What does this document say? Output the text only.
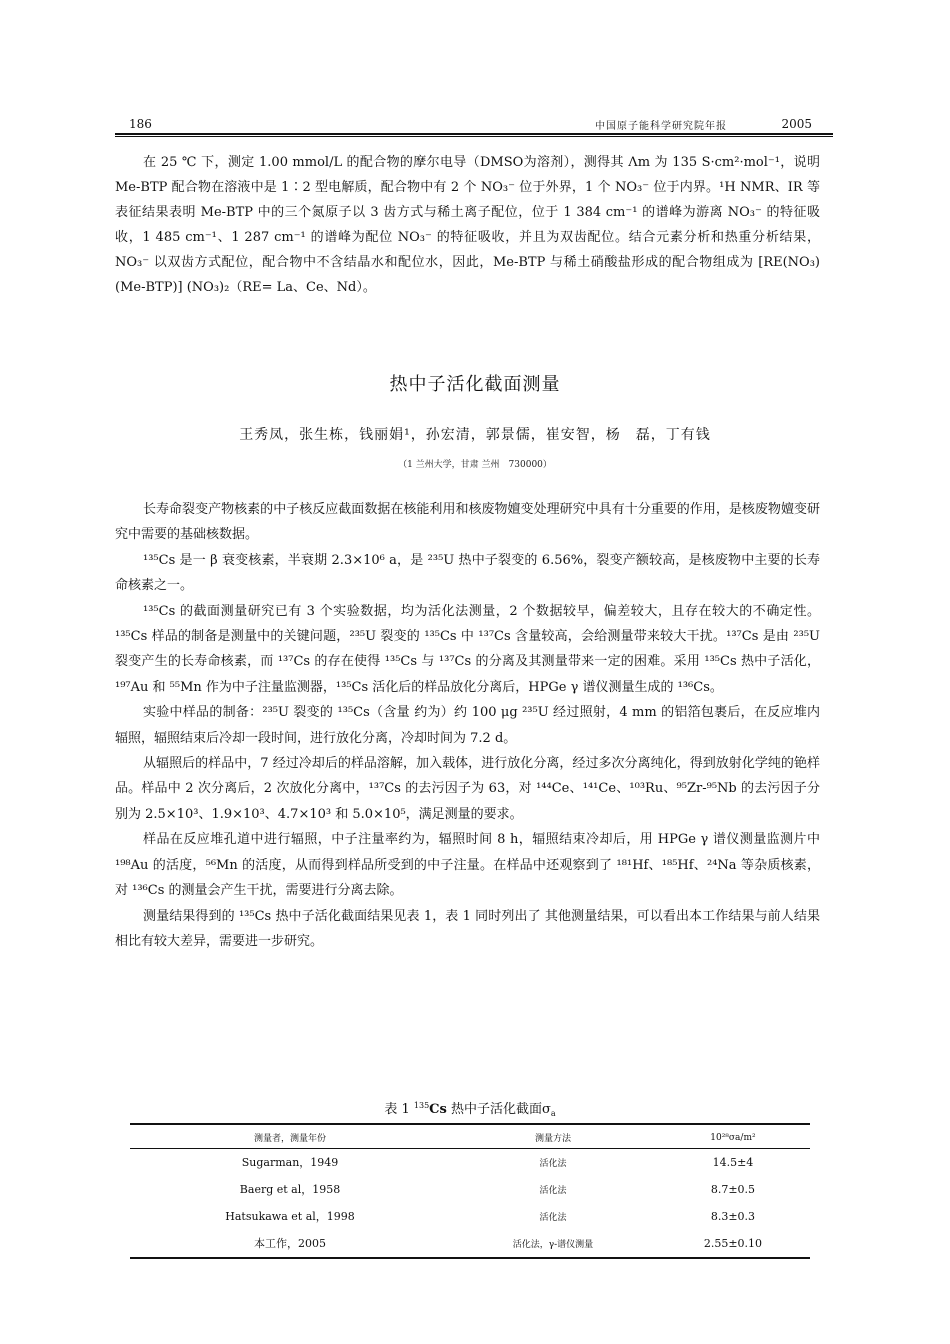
186	中国原子能科学研究院年报	2005

在 25 ℃ 下，测定 1.00 mmol/L 的配合物的摩尔电导（DMSO为溶剂），测得其 Λm 为 135 S·cm²·mol⁻¹，说明 Me-BTP 配合物在溶液中是 1∶2 型电解质，配合物中有 2 个 NO₃⁻ 位于外界，1 个 NO₃⁻ 位于内界。¹H NMR、IR 等表征结果表明 Me-BTP 中的三个氮原子以 3 齿方式与稀土离子配位，位于 1 384 cm⁻¹ 的谱峰为游离 NO₃⁻ 的特征吸收，1 485 cm⁻¹、1 287 cm⁻¹ 的谱峰为配位 NO₃⁻ 的特征吸收，并且为双齿配位。结合元素分析和热重分析结果，NO₃⁻ 以双齿方式配位，配合物中不含结晶水和配位水，因此，Me-BTP 与稀土硝酸盐形成的配合物组成为 [RE(NO₃)(Me-BTP)] (NO₃)₂（RE= La、Ce、Nd）。

热中子活化截面测量
王秀凤，张生栋，钱丽娟¹，孙宏清，郭景儒，崔安智，杨　磊，丁有钱
（1 兰州大学，甘肃 兰州　730000）

长寿命裂变产物核素的中子核反应截面数据在核能利用和核废物嬗变处理研究中具有十分重要的作用，是核废物嬗变研究中需要的基础核数据。

¹³⁵Cs 是一 β 衰变核素，半衰期 2.3×10⁶ a，是 ²³⁵U 热中子裂变的 6.56%，裂变产额较高，是核废物中主要的长寿命核素之一。

¹³⁵Cs 的截面测量研究已有 3 个实验数据，均为活化法测量，2 个数据较早，偏差较大，且存在较大的不确定性。¹³⁵Cs 样品的制备是测量中的关键问题，²³⁵U 裂变的 ¹³⁵Cs 中 ¹³⁷Cs 含量较高，会给测量带来较大干扰。¹³⁷Cs 是由 ²³⁵U 裂变产生的长寿命核素，而 ¹³⁷Cs 的存在使得 ¹³⁵Cs 与 ¹³⁷Cs 的分离及其测量带来一定的困难。采用 ¹³⁵Cs 热中子活化，¹⁹⁷Au 和 ⁵⁵Mn 作为中子注量监测器，¹³⁵Cs 活化后的样品放化分离后，HPGe γ 谱仪测量生成的 ¹³⁶Cs。

实验中样品的制备：²³⁵U 裂变的 ¹³⁵Cs（含量 约为）约 100 μg ²³⁵U 经过照射，4 mm 的铝箔包裹后，在反应堆内辐照，辐照结束后冷却一段时间，进行放化分离，冷却时间为 7.2 d。

从辐照后的样品中，7 经过冷却后的样品溶解，加入载体，进行放化分离，经过多次分离纯化，得到放射化学纯的铯样品。样品中 2 次分离后，2 次放化分离中，¹³⁷Cs 的去污因子为 63，对 ¹⁴⁴Ce、¹⁴¹Ce、¹⁰³Ru、⁹⁵Zr-⁹⁵Nb 的去污因子分别为 2.5×10³、1.9×10³、4.7×10³ 和 5.0×10⁵，满足测量的要求。

样品在反应堆孔道中进行辐照，中子注量率约为，辐照时间 8 h，辐照结束冷却后，用 HPGe γ 谱仪测量监测片中 ¹⁹⁸Au 的活度，⁵⁶Mn 的活度，从而得到样品所受到的中子注量。在样品中还观察到了 ¹⁸¹Hf、¹⁸⁵Hf、²⁴Na 等杂质核素，对 ¹³⁶Cs 的测量会产生干扰，需要进行分离去除。

测量结果得到的 ¹³⁵Cs 热中子活化截面结果见表 1，表 1 同时列出了 其他测量结果，可以看出本工作结果与前人结果相比有较大差异，需要进一步研究。

表 1 $^{135}$Cs 热中子活化截面$\sigma_a$
测量者，测量年份	测量方法	10²⁸σa/m²
Sugarman，1949	活化法	14.5±4
Baerg et al，1958	活化法	8.7±0.5
Hatsukawa et al，1998	活化法	8.3±0.3
本工作，2005	活化法，γ-谱仪测量	2.55±0.10
